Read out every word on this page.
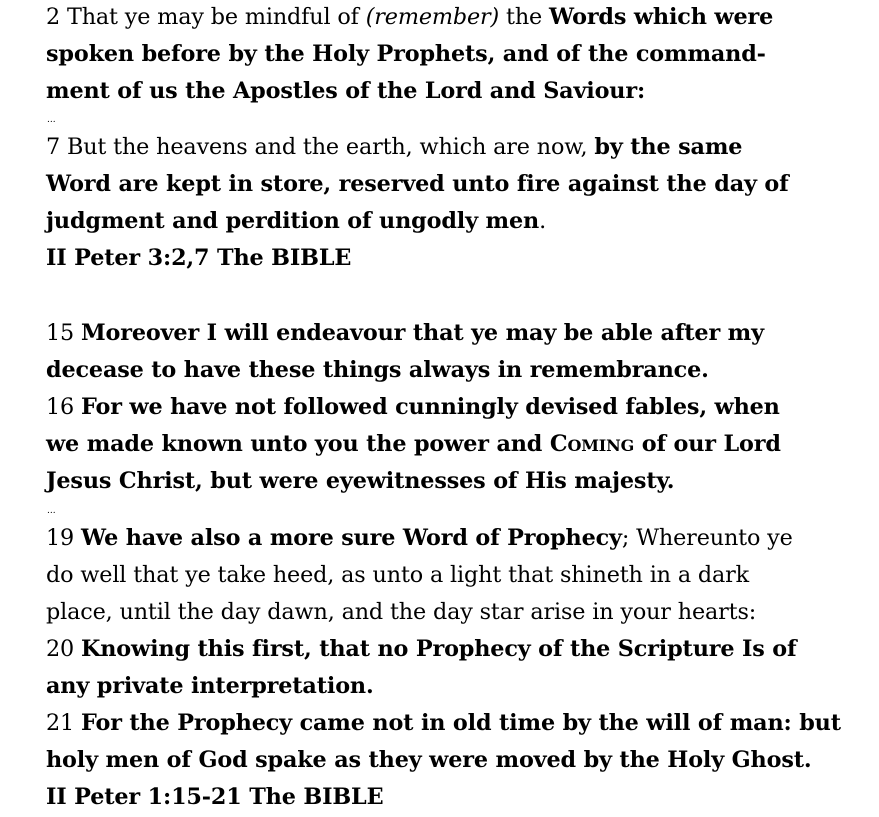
2 That ye may be mindful of (remember) the Words which were
spoken before by the Holy Prophets, and of the command-
ment of us the Apostles of the Lord and Saviour:
...
7 But the heavens and the earth, which are now, by the same
Word are kept in store, reserved unto fire against the day of
judgment and perdition of ungodly men.
II Peter 3:2,7 The BIBLE
15 Moreover I will endeavour that ye may be able after my
decease to have these things always in remembrance.
16 For we have not followed cunningly devised fables, when
we made known unto you the power and Coming of our Lord
Jesus Christ, but were eyewitnesses of His majesty.
...
19 We have also a more sure Word of Prophecy; Whereunto ye
do well that ye take heed, as unto a light that shineth in a dark
place, until the day dawn, and the day star arise in your hearts:
20 Knowing this first, that no Prophecy of the Scripture Is of
any private interpretation.
21 For the Prophecy came not in old time by the will of man: but
holy men of God spake as they were moved by the Holy Ghost.
II Peter 1:15-21 The BIBLE
